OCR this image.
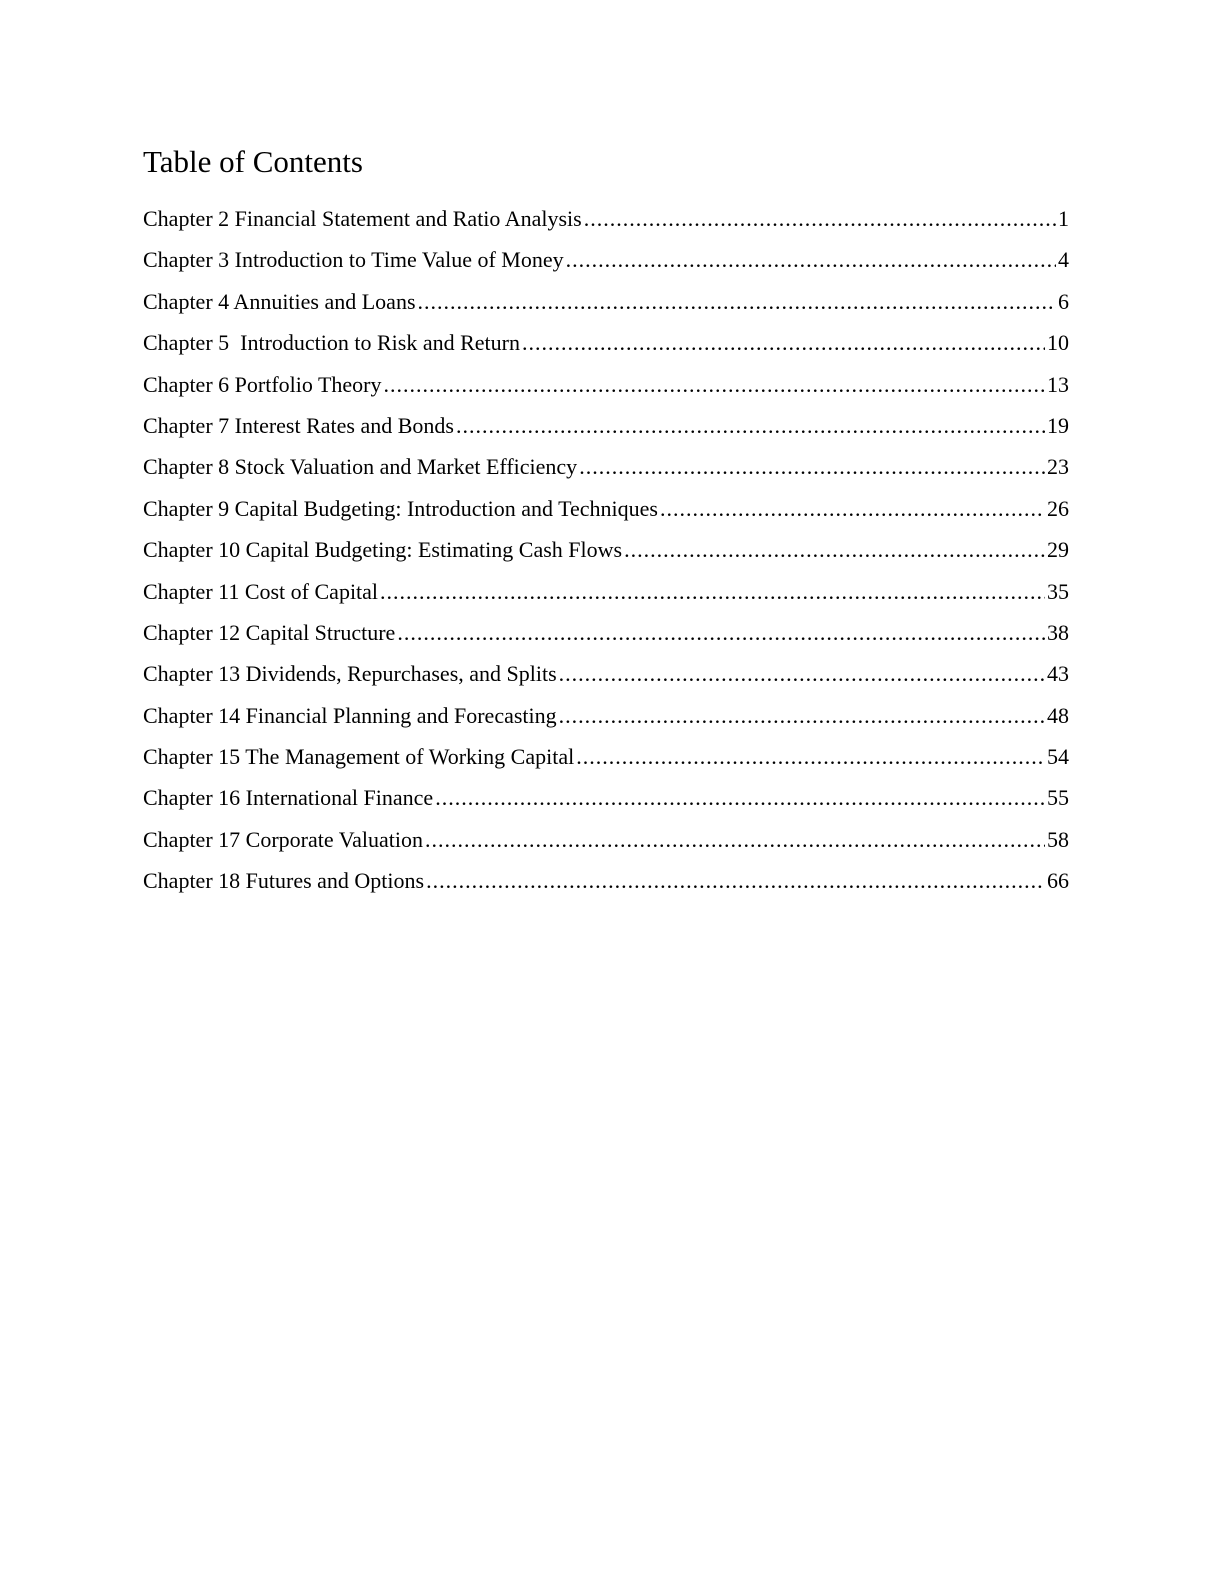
Table of Contents
Chapter 2 Financial Statement and Ratio Analysis .....	1
Chapter 3 Introduction to Time Value of Money .....	4
Chapter 4 Annuities and Loans .....	6
Chapter 5  Introduction to Risk and Return .....	10
Chapter 6 Portfolio Theory .....	13
Chapter 7 Interest Rates and Bonds .....	19
Chapter 8 Stock Valuation and Market Efficiency .....	23
Chapter 9 Capital Budgeting: Introduction and Techniques .....	26
Chapter 10 Capital Budgeting: Estimating Cash Flows .....	29
Chapter 11 Cost of Capital .....	35
Chapter 12 Capital Structure .....	38
Chapter 13 Dividends, Repurchases, and Splits .....	43
Chapter 14 Financial Planning and Forecasting .....	48
Chapter 15 The Management of Working Capital .....	54
Chapter 16 International Finance .....	55
Chapter 17 Corporate Valuation .....	58
Chapter 18 Futures and Options .....	66
